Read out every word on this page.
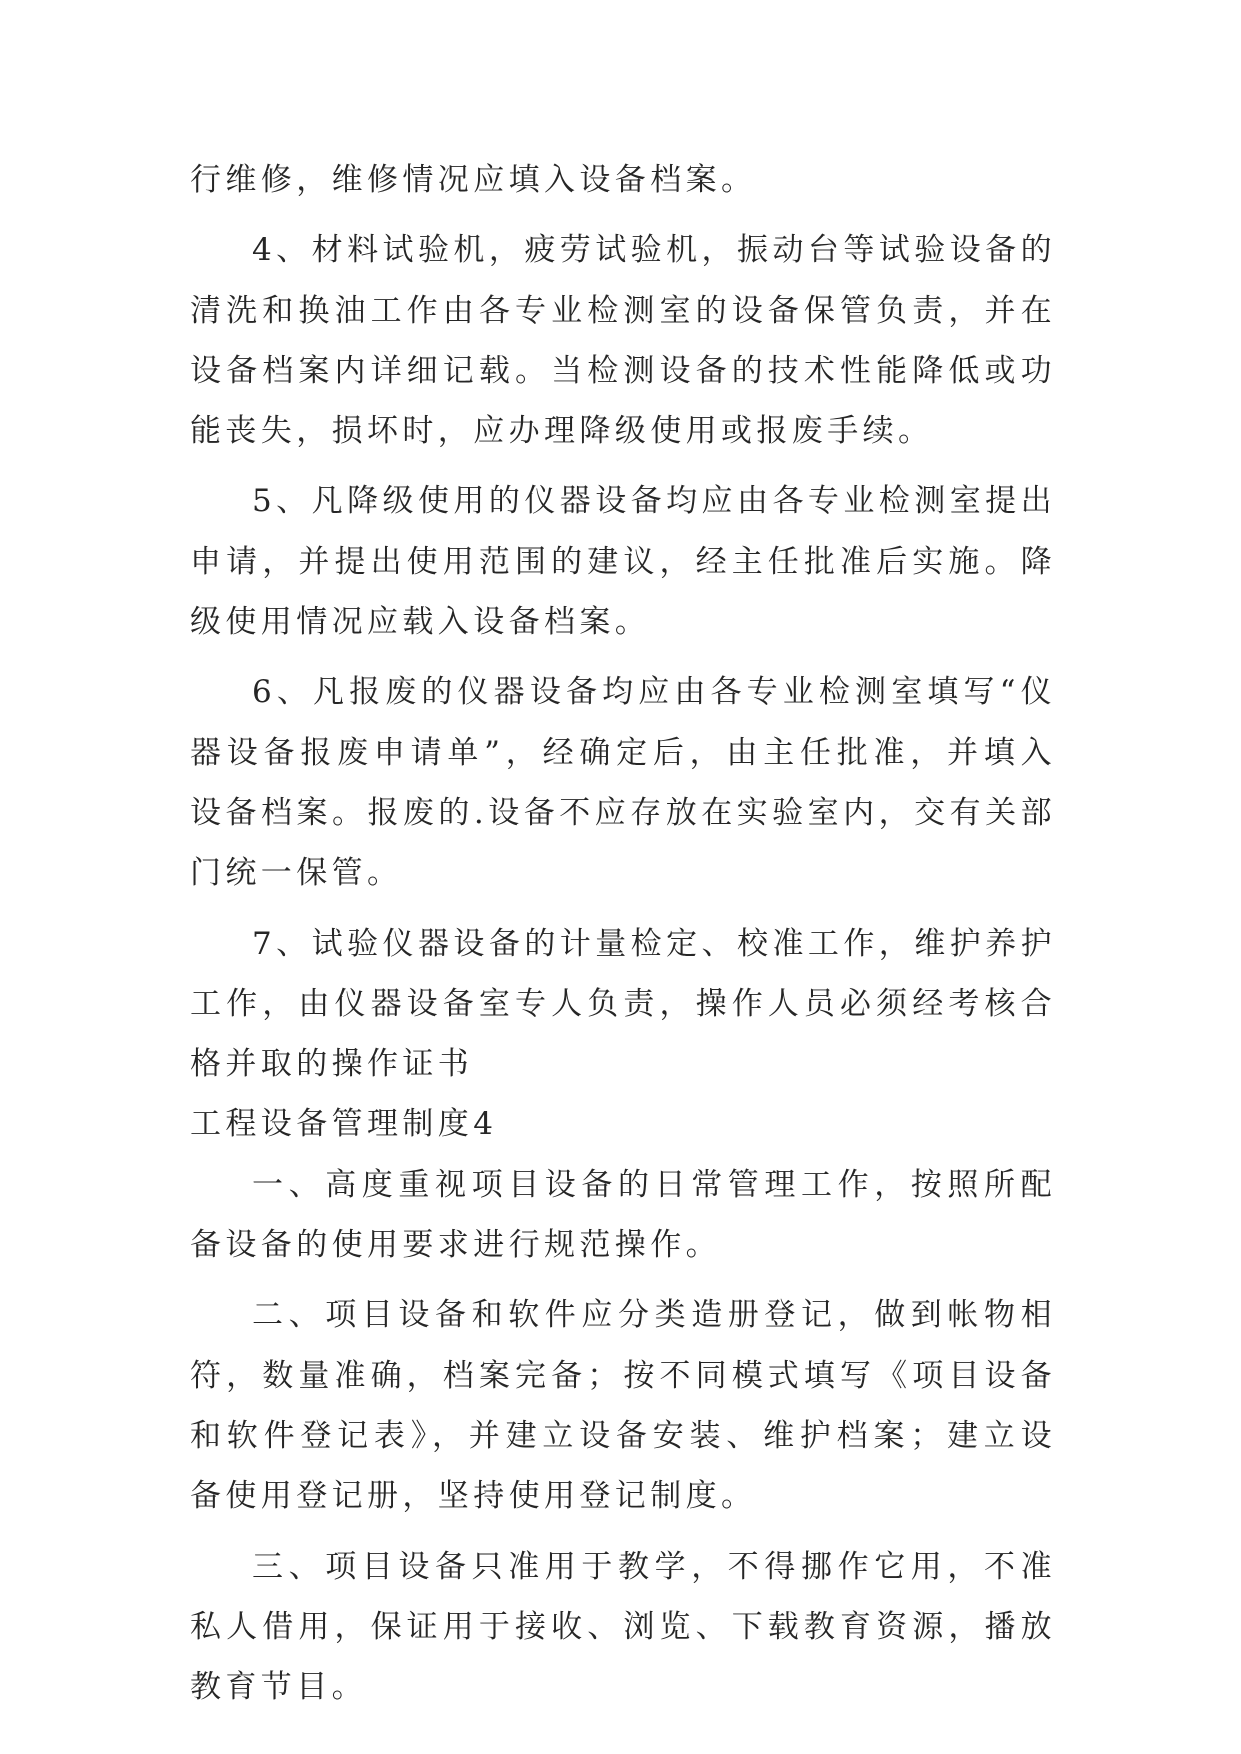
行维修，维修情况应填入设备档案。

4、材料试验机，疲劳试验机，振动台等试验设备的清洗和换油工作由各专业检测室的设备保管负责，并在设备档案内详细记载。当检测设备的技术性能降低或功能丧失，损坏时，应办理降级使用或报废手续。

5、凡降级使用的仪器设备均应由各专业检测室提出申请，并提出使用范围的建议，经主任批准后实施。降级使用情况应载入设备档案。

6、凡报废的仪器设备均应由各专业检测室填写“仪器设备报废申请单”，经确定后，由主任批准，并填入设备档案。报废的.设备不应存放在实验室内，交有关部门统一保管。

7、试验仪器设备的计量检定、校准工作，维护养护工作，由仪器设备室专人负责，操作人员必须经考核合格并取的操作证书

工程设备管理制度4

一、高度重视项目设备的日常管理工作，按照所配备设备的使用要求进行规范操作。

二、项目设备和软件应分类造册登记，做到帐物相符，数量准确，档案完备；按不同模式填写《项目设备和软件登记表》，并建立设备安装、维护档案；建立设备使用登记册，坚持使用登记制度。

三、项目设备只准用于教学，不得挪作它用，不准私人借用，保证用于接收、浏览、下载教育资源，播放教育节目。
